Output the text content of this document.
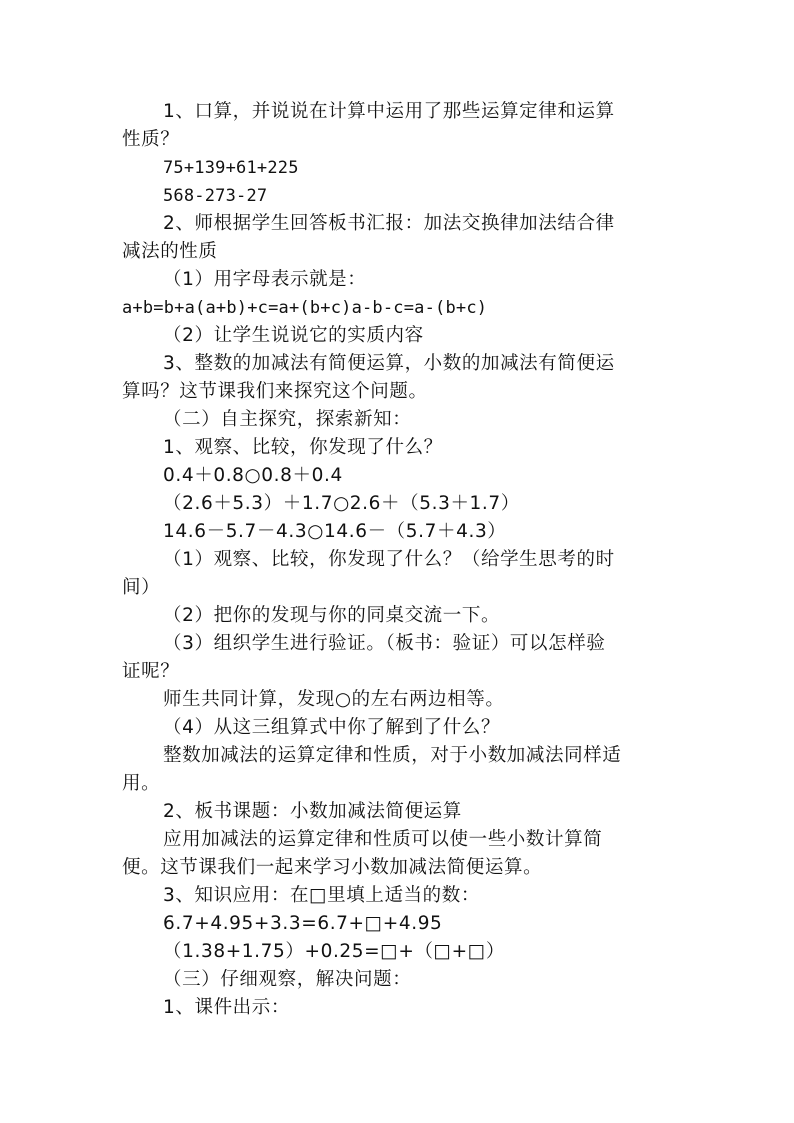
1、口算，并说说在计算中运用了那些运算定律和运算
性质？
75+139+61+225
568-273-27
2、师根据学生回答板书汇报：加法交换律加法结合律
减法的性质
（1）用字母表示就是：
a+b=b+a(a+b)+c=a+(b+c)a-b-c=a-(b+c)
（2）让学生说说它的实质内容
3、整数的加减法有简便运算，小数的加减法有简便运
算吗？这节课我们来探究这个问题。
（二）自主探究，探索新知：
1、观察、比较，你发现了什么？
0.4＋0.8○0.8＋0.4
（2.6＋5.3）＋1.7○2.6＋（5.3＋1.7）
14.6－5.7－4.3○14.6－（5.7＋4.3）
（1）观察、比较，你发现了什么？（给学生思考的时
间）
（2）把你的发现与你的同桌交流一下。
（3）组织学生进行验证。（板书：验证）可以怎样验
证呢？
师生共同计算，发现○的左右两边相等。
（4）从这三组算式中你了解到了什么？
整数加减法的运算定律和性质，对于小数加减法同样适
用。
2、板书课题：小数加减法简便运算
应用加减法的运算定律和性质可以使一些小数计算简
便。这节课我们一起来学习小数加减法简便运算。
3、知识应用：在□里填上适当的数：
6.7+4.95+3.3=6.7+□+4.95
（1.38+1.75）+0.25=□+（□+□）
（三）仔细观察，解决问题：
1、课件出示：
